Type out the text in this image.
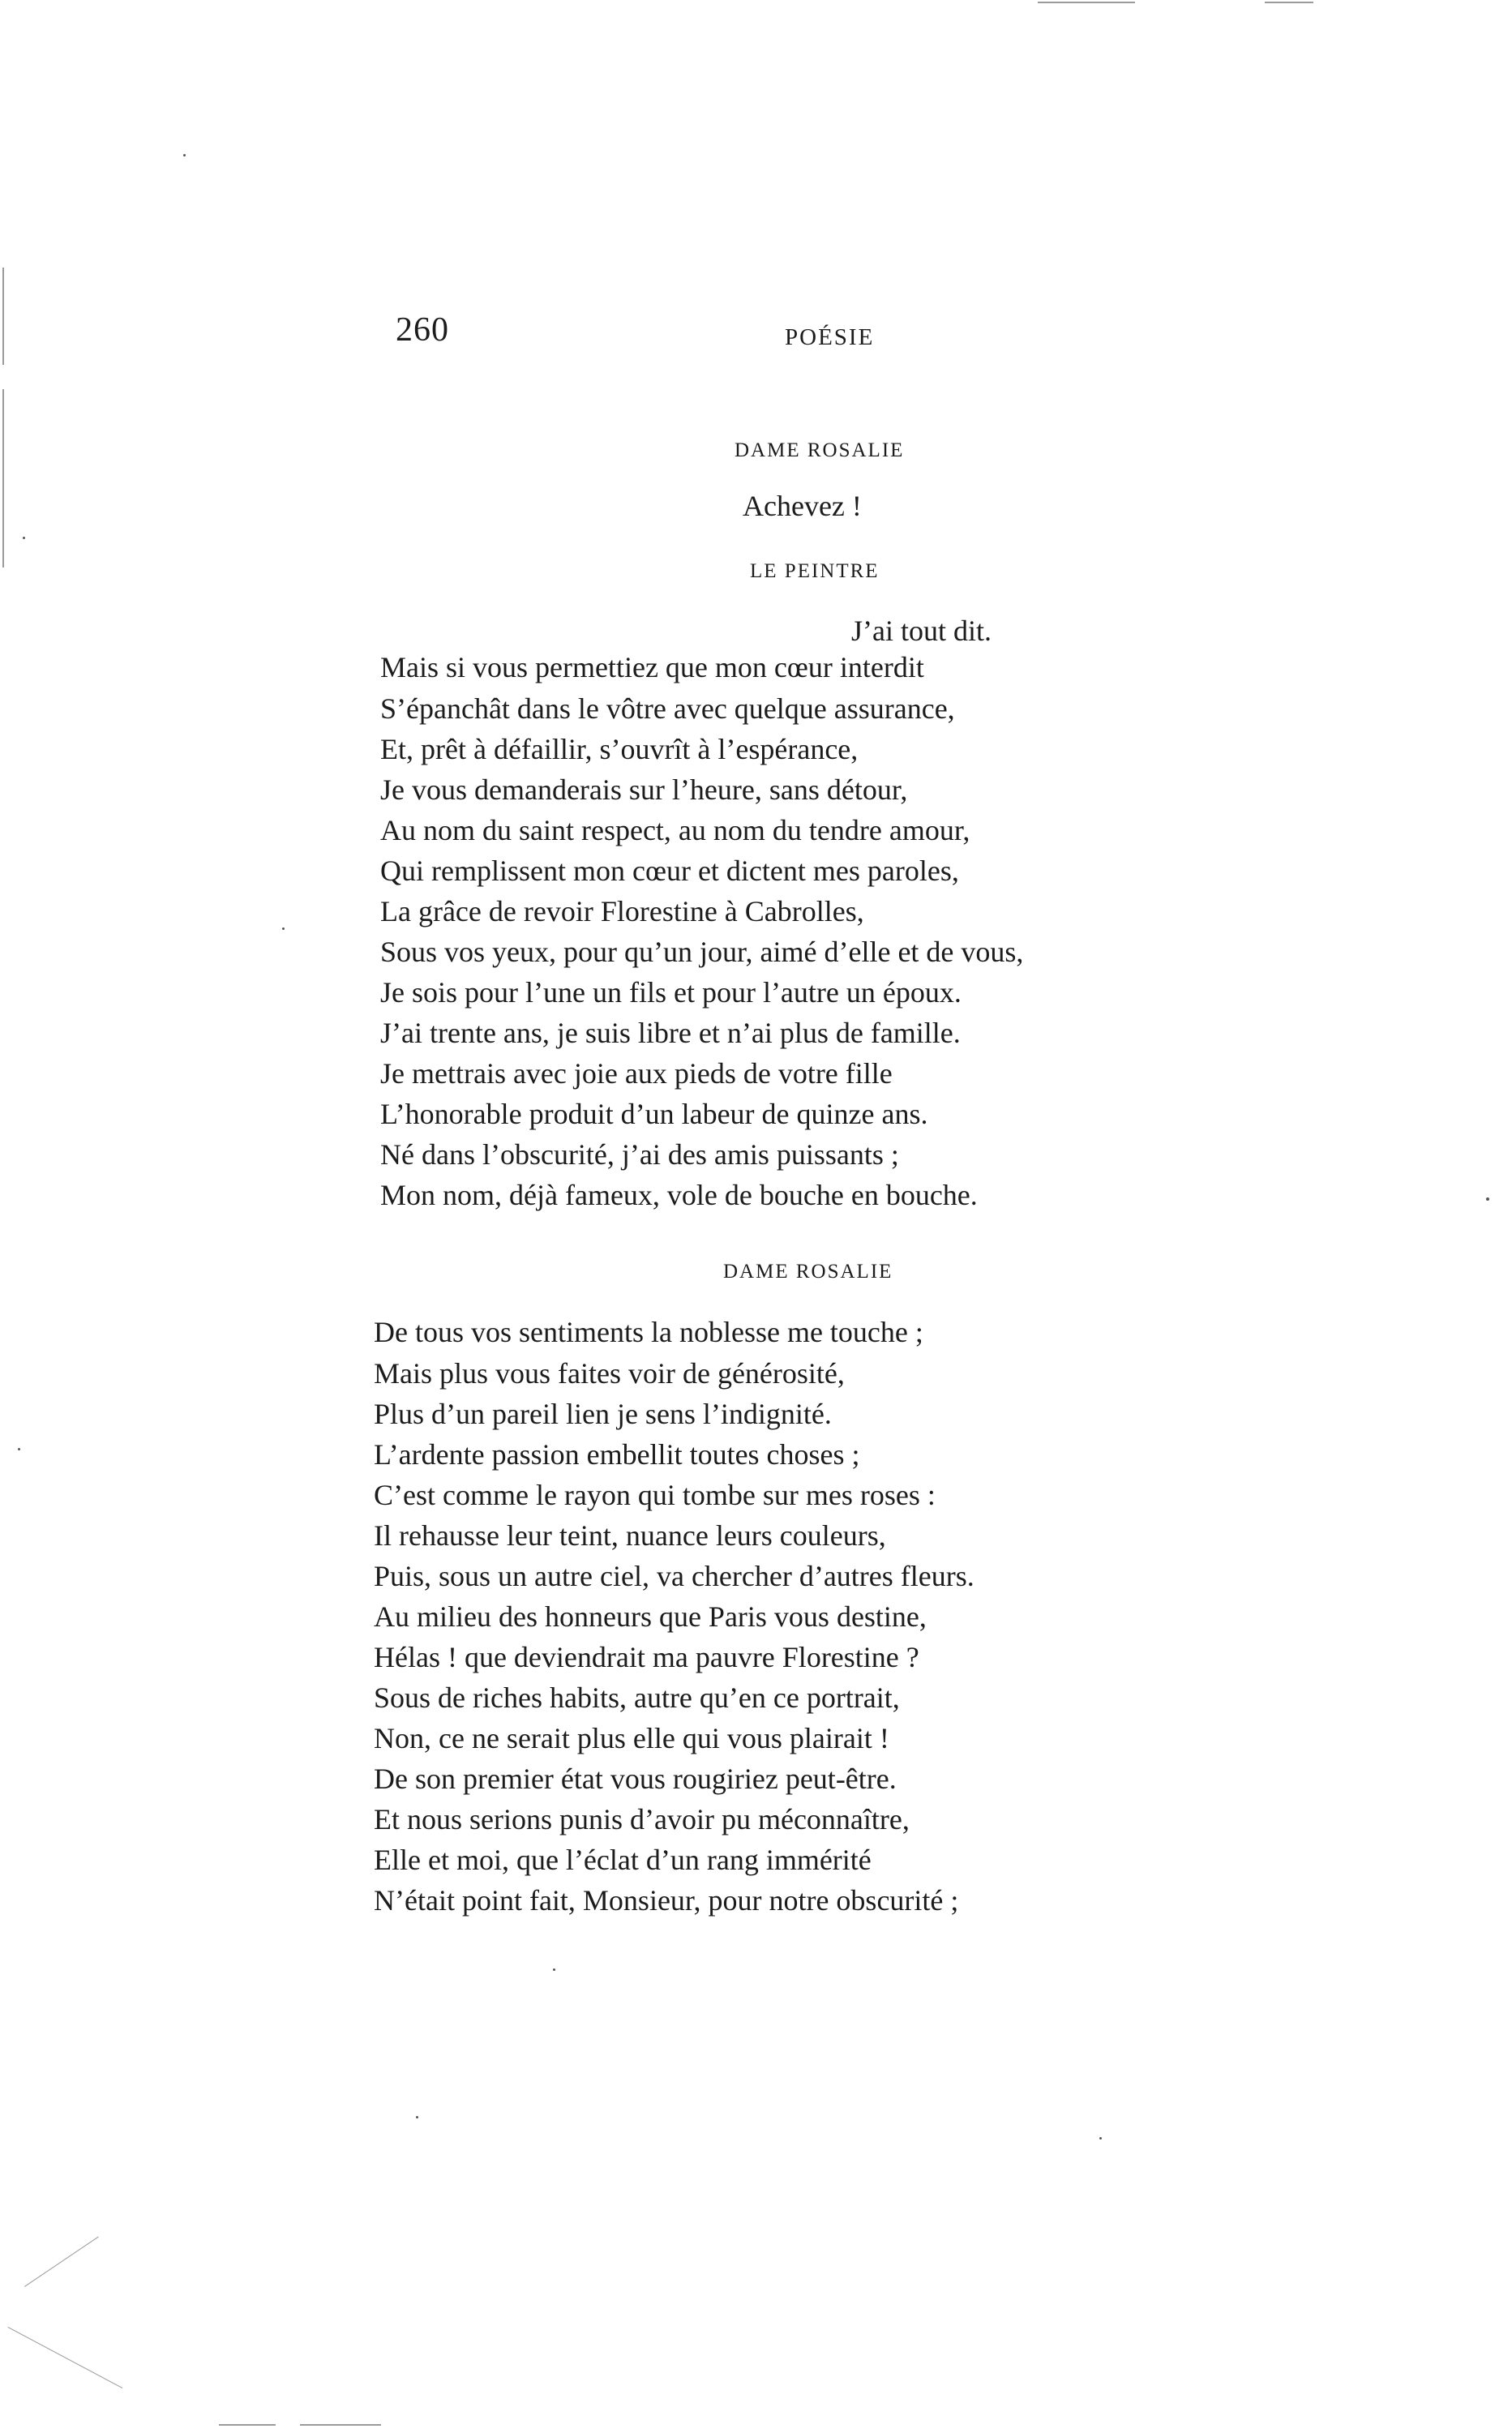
260	POÉSIE
DAME ROSALIE
Achevez !
LE PEINTRE
J’ai tout dit.
Mais si vous permettiez que mon cœur interdit
S’épanchât dans le vôtre avec quelque assurance,
Et, prêt à défaillir, s’ouvrît à l’espérance,
Je vous demanderais sur l’heure, sans détour,
Au nom du saint respect, au nom du tendre amour,
Qui remplissent mon cœur et dictent mes paroles,
La grâce de revoir Florestine à Cabrolles,
Sous vos yeux, pour qu’un jour, aimé d’elle et de vous,
Je sois pour l’une un fils et pour l’autre un époux.
J’ai trente ans, je suis libre et n’ai plus de famille.
Je mettrais avec joie aux pieds de votre fille
L’honorable produit d’un labeur de quinze ans.
Né dans l’obscurité, j’ai des amis puissants ;
Mon nom, déjà fameux, vole de bouche en bouche.
DAME ROSALIE
De tous vos sentiments la noblesse me touche ;
Mais plus vous faites voir de générosité,
Plus d’un pareil lien je sens l’indignité.
L’ardente passion embellit toutes choses ;
C’est comme le rayon qui tombe sur mes roses :
Il rehausse leur teint, nuance leurs couleurs,
Puis, sous un autre ciel, va chercher d’autres fleurs.
Au milieu des honneurs que Paris vous destine,
Hélas ! que deviendrait ma pauvre Florestine ?
Sous de riches habits, autre qu’en ce portrait,
Non, ce ne serait plus elle qui vous plairait !
De son premier état vous rougiriez peut-être.
Et nous serions punis d’avoir pu méconnaître,
Elle et moi, que l’éclat d’un rang immérité
N’était point fait, Monsieur, pour notre obscurité ;
